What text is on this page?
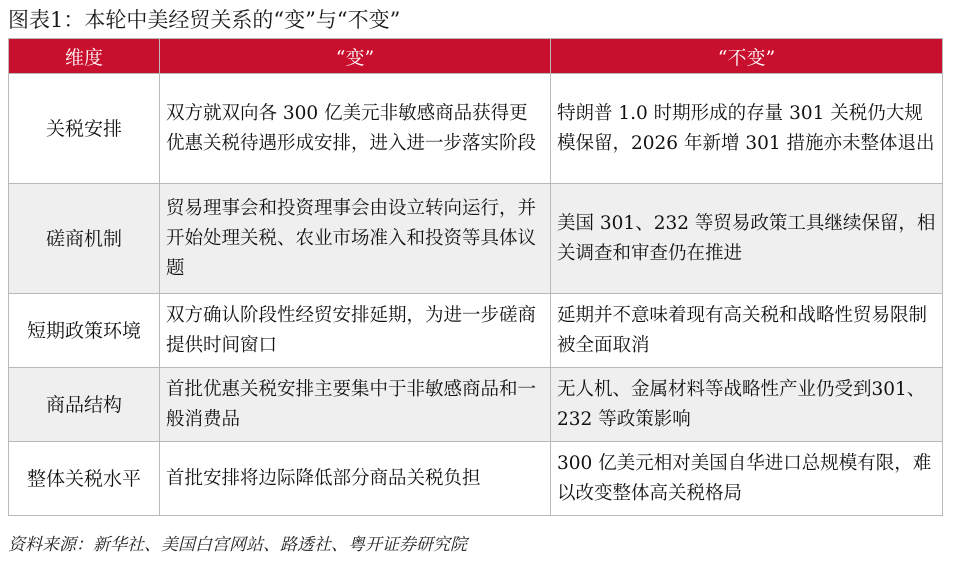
图表1：本轮中美经贸关系的“变”与“不变”
维度	“变”	“不变”
关税安排	双方就双向各 300 亿美元非敏感商品获得更优惠关税待遇形成安排，进入进一步落实阶段	特朗普 1.0 时期形成的存量 301 关税仍大规模保留，2026 年新增 301 措施亦未整体退出
磋商机制	贸易理事会和投资理事会由设立转向运行，并开始处理关税、农业市场准入和投资等具体议题	美国 301、232 等贸易政策工具继续保留，相关调查和审查仍在推进
短期政策环境	双方确认阶段性经贸安排延期，为进一步磋商提供时间窗口	延期并不意味着现有高关税和战略性贸易限制被全面取消
商品结构	首批优惠关税安排主要集中于非敏感商品和一般消费品	无人机、金属材料等战略性产业仍受到301、232 等政策影响
整体关税水平	首批安排将边际降低部分商品关税负担	300 亿美元相对美国自华进口总规模有限，难以改变整体高关税格局
资料来源：新华社、美国白宫网站、路透社、粤开证券研究院
